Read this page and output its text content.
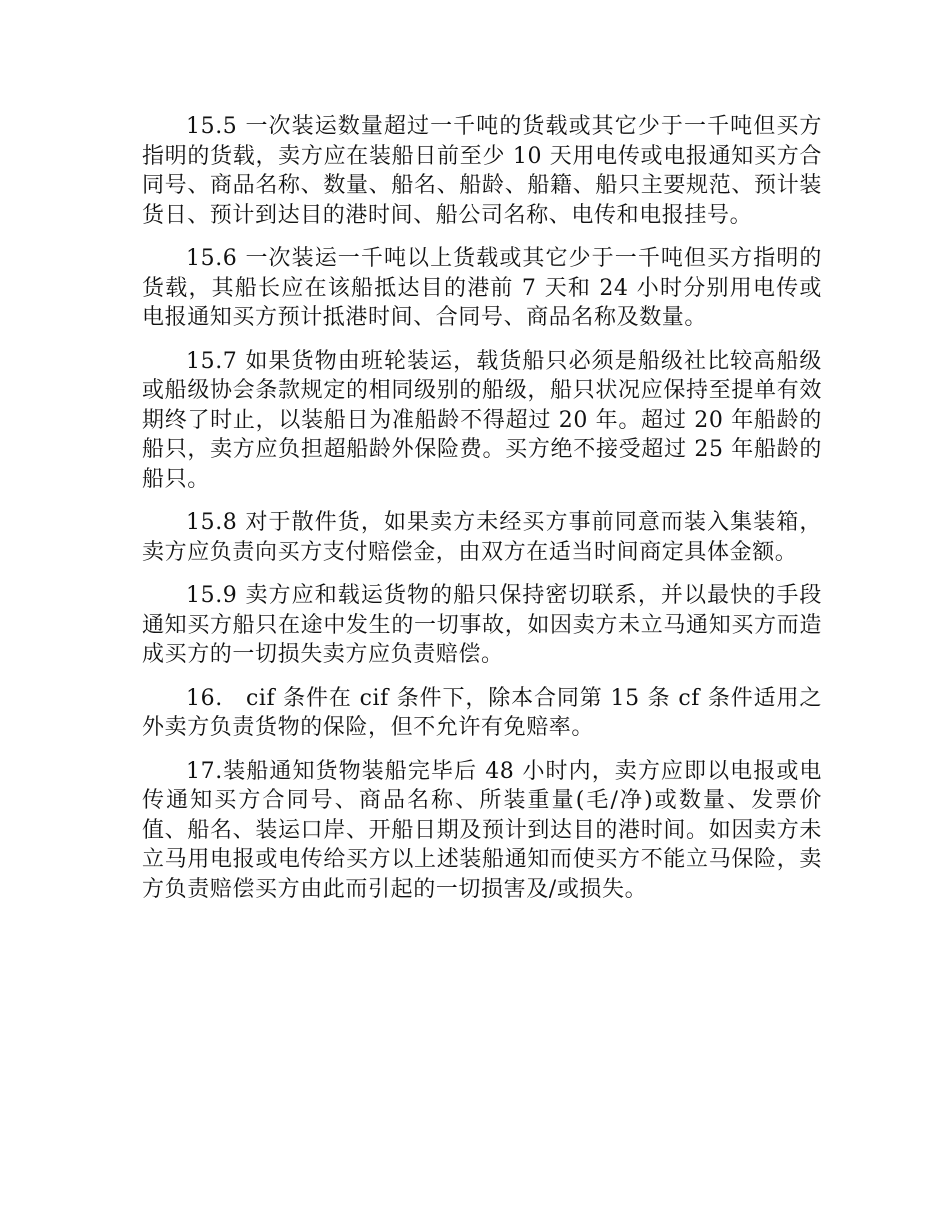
15.5 一次装运数量超过一千吨的货载或其它少于一千吨但买方指明的货载，卖方应在装船日前至少 10 天用电传或电报通知买方合同号、商品名称、数量、船名、船龄、船籍、船只主要规范、预计装货日、预计到达目的港时间、船公司名称、电传和电报挂号。

15.6 一次装运一千吨以上货载或其它少于一千吨但买方指明的货载，其船长应在该船抵达目的港前 7 天和 24 小时分别用电传或电报通知买方预计抵港时间、合同号、商品名称及数量。

15.7 如果货物由班轮装运，载货船只必须是船级社比较高船级或船级协会条款规定的相同级别的船级，船只状况应保持至提单有效期终了时止，以装船日为准船龄不得超过 20 年。超过 20 年船龄的船只，卖方应负担超船龄外保险费。买方绝不接受超过 25 年船龄的船只。

15.8 对于散件货，如果卖方未经买方事前同意而装入集装箱，卖方应负责向买方支付赔偿金，由双方在适当时间商定具体金额。

15.9 卖方应和载运货物的船只保持密切联系，并以最快的手段通知买方船只在途中发生的一切事故，如因卖方未立马通知买方而造成买方的一切损失卖方应负责赔偿。

16.　cif 条件在 cif 条件下，除本合同第 15 条 cf 条件适用之外卖方负责货物的保险，但不允许有免赔率。

17.装船通知货物装船完毕后 48 小时内，卖方应即以电报或电传通知买方合同号、商品名称、所装重量(毛/净)或数量、发票价值、船名、装运口岸、开船日期及预计到达目的港时间。如因卖方未立马用电报或电传给买方以上述装船通知而使买方不能立马保险，卖方负责赔偿买方由此而引起的一切损害及/或损失。
